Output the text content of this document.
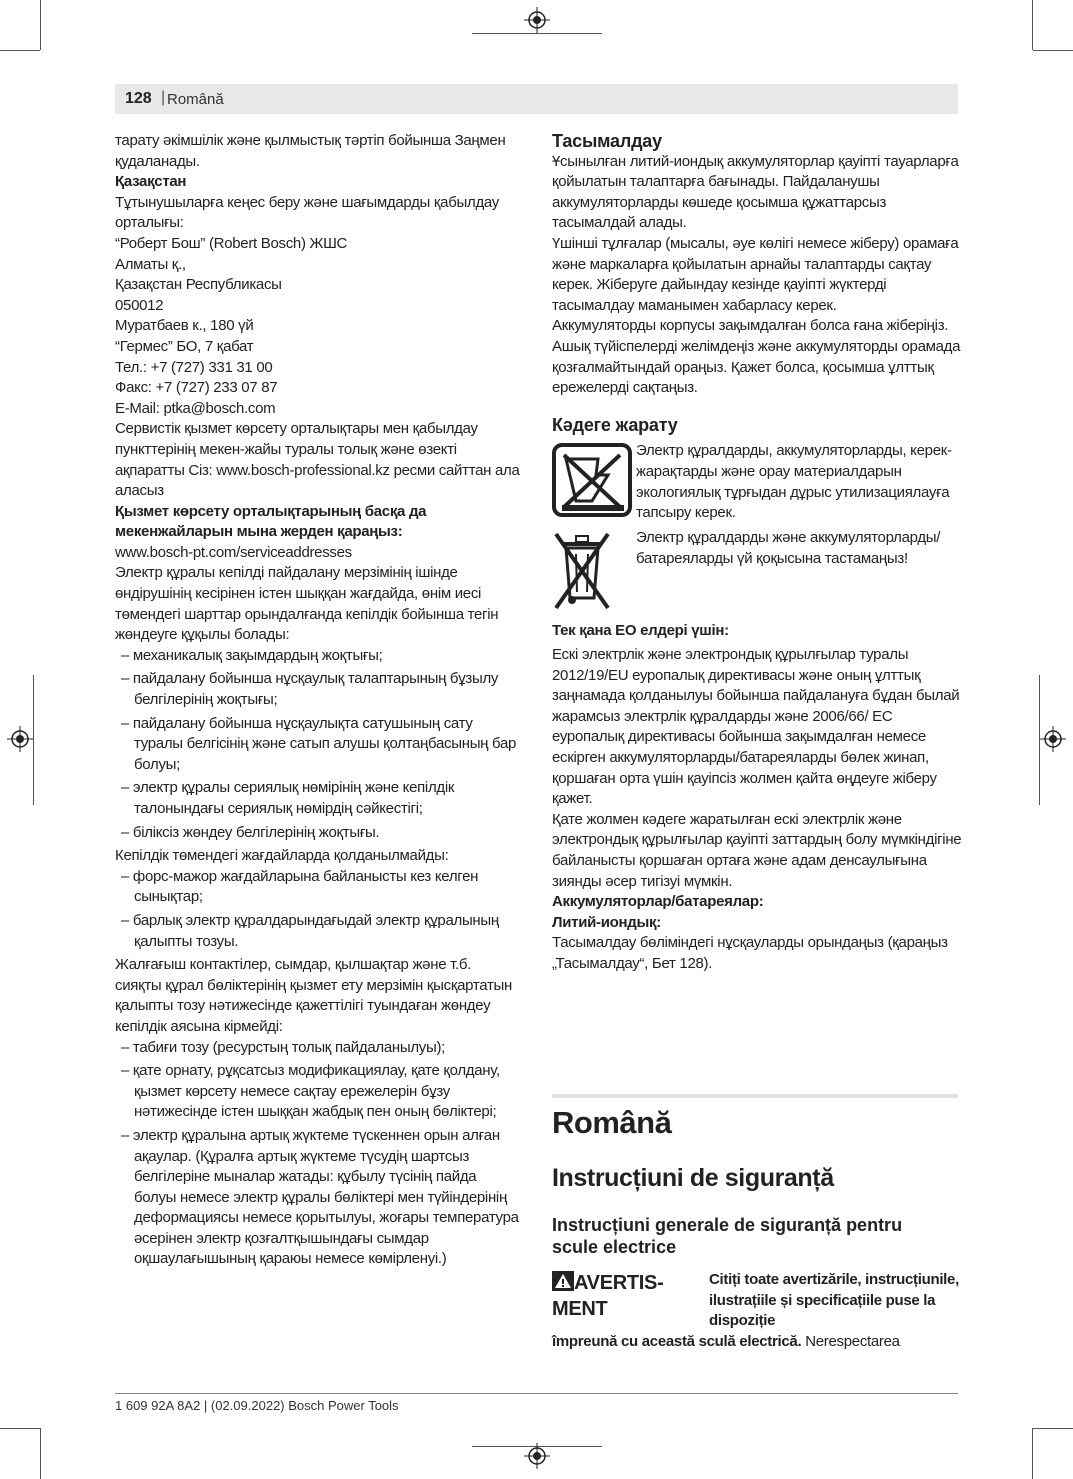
128 | Română

тарату әкімшілік және қылмыстық тәртіп бойынша Заңмен қудаланады.

Қазақстан

Тұтынушыларға кеңес беру және шағымдарды қабылдау орталығы:

“Роберт Бош” (Robert Bosch) ЖШС

Алматы қ.,

Қазақстан Республикасы

050012

Муратбаев к., 180 үй

“Гермес” БО, 7 қабат

Тел.: +7 (727) 331 31 00

Факс: +7 (727) 233 07 87

E-Mail: ptka@bosch.com

Сервистік қызмет көрсету орталықтары мен қабылдау пункттерінің мекен-жайы туралы толық және өзекті ақпаратты Сіз: www.bosch-professional.kz ресми сайттан ала аласыз

Қызмет көрсету орталықтарының басқа да мекенжайларын мына жерден қараңыз:

www.bosch-pt.com/serviceaddresses

Электр құралы кепілді пайдалану мерзімінің ішінде өндірушінің кесірінен істен шыққан жағдайда, өнім иесі төмендегі шарттар орындалғанда кепілдік бойынша тегін жөндеуге құқылы болады:

– механикалық зақымдардың жоқтығы;
– пайдалану бойынша нұсқаулық талаптарының бұзылу белгілерінің жоқтығы;
– пайдалану бойынша нұсқаулықта сатушының сату туралы белгісінің және сатып алушы қолтаңбасының бар болуы;
– электр құралы сериялық нөмірінің және кепілдік талонындағы сериялық нөмірдің сәйкестігі;
– біліксіз жөндеу белгілерінің жоқтығы.

Кепілдік төмендегі жағдайларда қолданылмайды:

– форс-мажор жағдайларына байланысты кез келген сынықтар;
– барлық электр құралдарындағыдай электр құралының қалыпты тозуы.

Жалғағыш контактілер, сымдар, қылшақтар және т.б. сияқты құрал бөліктерінің қызмет ету мерзімін қысқартатын қалыпты тозу нәтижесінде қажеттілігі туындаған жөндеу кепілдік аясына кірмейді:

– табиғи тозу (ресурстың толық пайдаланылуы);
– қате орнату, рұқсатсыз модификациялау, қате қолдану, қызмет көрсету немесе сақтау ережелерін бұзу нәтижесінде істен шыққан жабдық пен оның бөліктері;
– электр құралына артық жүктеме түскеннен орын алған ақаулар. (Құралға артық жүктеме түсудің шартсыз белгілеріне мыналар жатады: құбылу түсінің пайда болуы немесе электр құралы бөліктері мен түйіндерінің деформациясы немесе қорытылуы, жоғары температура әсерінен электр қозғалтқышындағы сымдар оқшаулағышының қараюы немесе көмірленуі.)
Тасымалдау

Ұсынылған литий-иондық аккумуляторлар қауіпті тауарларға қойылатын талаптарға бағынады. Пайдаланушы аккумуляторларды көшеде қосымша құжаттарсыз тасымалдай алады.

Үшінші тұлғалар (мысалы, әуе көлігі немесе жіберу) орамаға және маркаларға қойылатын арнайы талаптарды сақтау керек. Жіберуге дайындау кезінде қауіпті жүктерді тасымалдау маманымен хабарласу керек.

Аккумуляторды корпусы зақымдалған болса ғана жіберіңіз. Ашық түйіспелерді желімдеңіз және аккумуляторды орамада қозғалмайтындай ораңыз. Қажет болса, қосымша ұлттық ережелерді сақтаңыз.

Кәдеге жарату

Электр құралдарды, аккумуляторларды, керек-жарақтарды және орау материалдарын экологиялық тұрғыдан дұрыс утилизациялауға тапсыру керек.

Электр құралдарды және аккумуляторларды/батареяларды үй қоқысына тастамаңыз!

Тек қана ЕО елдері үшін:

Ескі электрлік және электрондық құрылғылар туралы 2012/19/EU еуропалық директивасы және оның ұлттық заңнамада қолданылуы бойынша пайдалануға бұдан былай жарамсыз электрлік құралдарды және 2006/66/ EC еуропалық директивасы бойынша зақымдалған немесе ескірген аккумуляторларды/батареяларды бөлек жинап, қоршаған орта үшін қауіпсіз жолмен қайта өңдеуге жіберу қажет.

Қате жолмен кәдеге жаратылған ескі электрлік және электрондық құрылғылар қауіпті заттардың болу мүмкіндігіне байланысты қоршаған ортаға және адам денсаулығына зиянды әсер тигізуі мүмкін.

Аккумуляторлар/батареялар:

Литий-иондық:

Тасымалдау бөліміндегі нұсқауларды орындаңыз (қараңыз „Тасымалдау“, Бет 128).

Română
Instrucțiuni de siguranță
Instrucțiuni generale de siguranță pentru scule electrice
AVERTIS- MENT
Citiți toate avertizările, instrucțiunile, ilustrațiile și specificațiile puse la dispoziție
împreună cu această sculă electrică. Nerespectarea
1 609 92A 8A2 | (02.09.2022) Bosch Power Tools
